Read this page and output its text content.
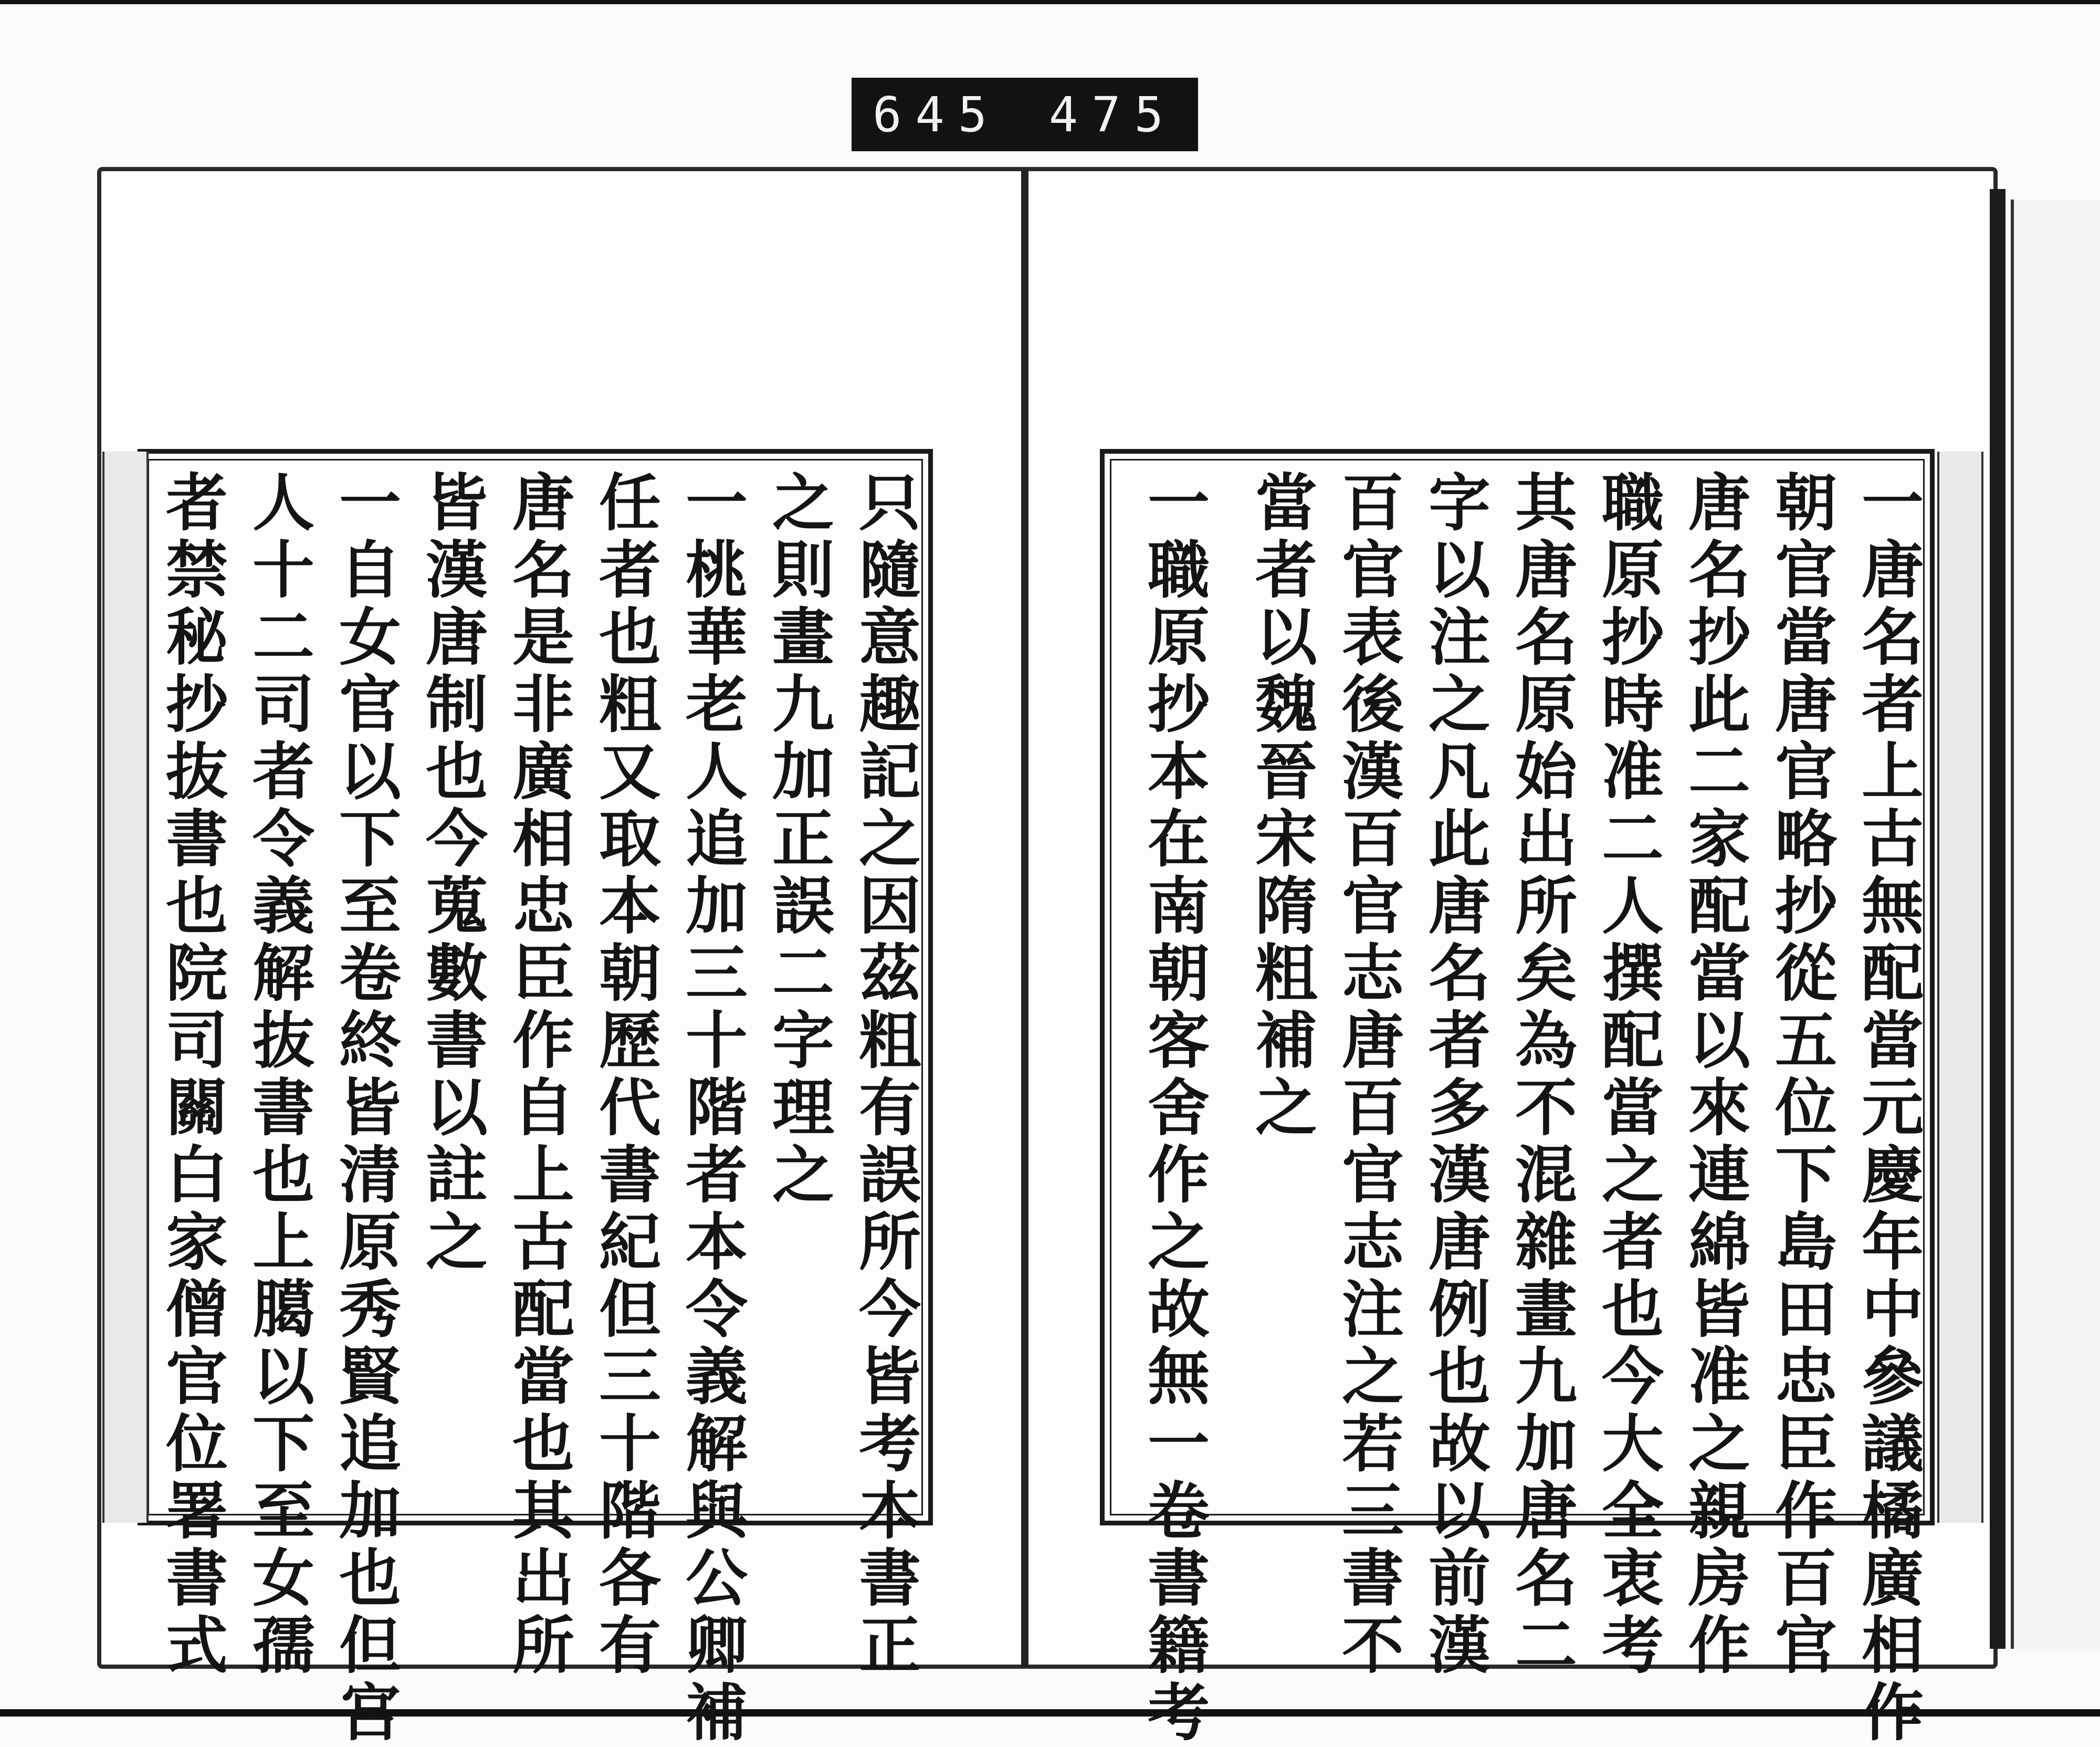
645 475
一唐名者上古無配當元慶年中參議橘廣相作
朝官當唐官略抄從五位下島田忠臣作百官
唐名抄此二家配當以來連綿皆准之親房作
職原抄時准二人撰配當之者也今大全衷考
其唐名原始出所矣為不混雜畫九加唐名二
字以注之凡此唐名者多漢唐例也故以前漢
百官表後漢百官志唐百官志注之若三書不
當者以魏晉宋隋粗補之
一職原抄本在南朝客舍作之故無一卷書籍考
只隨意趣記之因茲粗有誤所今皆考本書正
之則畫九加正誤二字理之
一桃華老人追加三十階者本令義解與公卿補
任者也粗又取本朝歷代書紀但三十階各有
唐名是非廣相忠臣作自上古配當也其出所
皆漢唐制也今蒐數書以註之
一自女官以下至卷終皆清原秀賢追加也但宮
人十二司者令義解抜書也上臈以下至女孺
者禁秘抄抜書也院司關白家僧官位署書式
